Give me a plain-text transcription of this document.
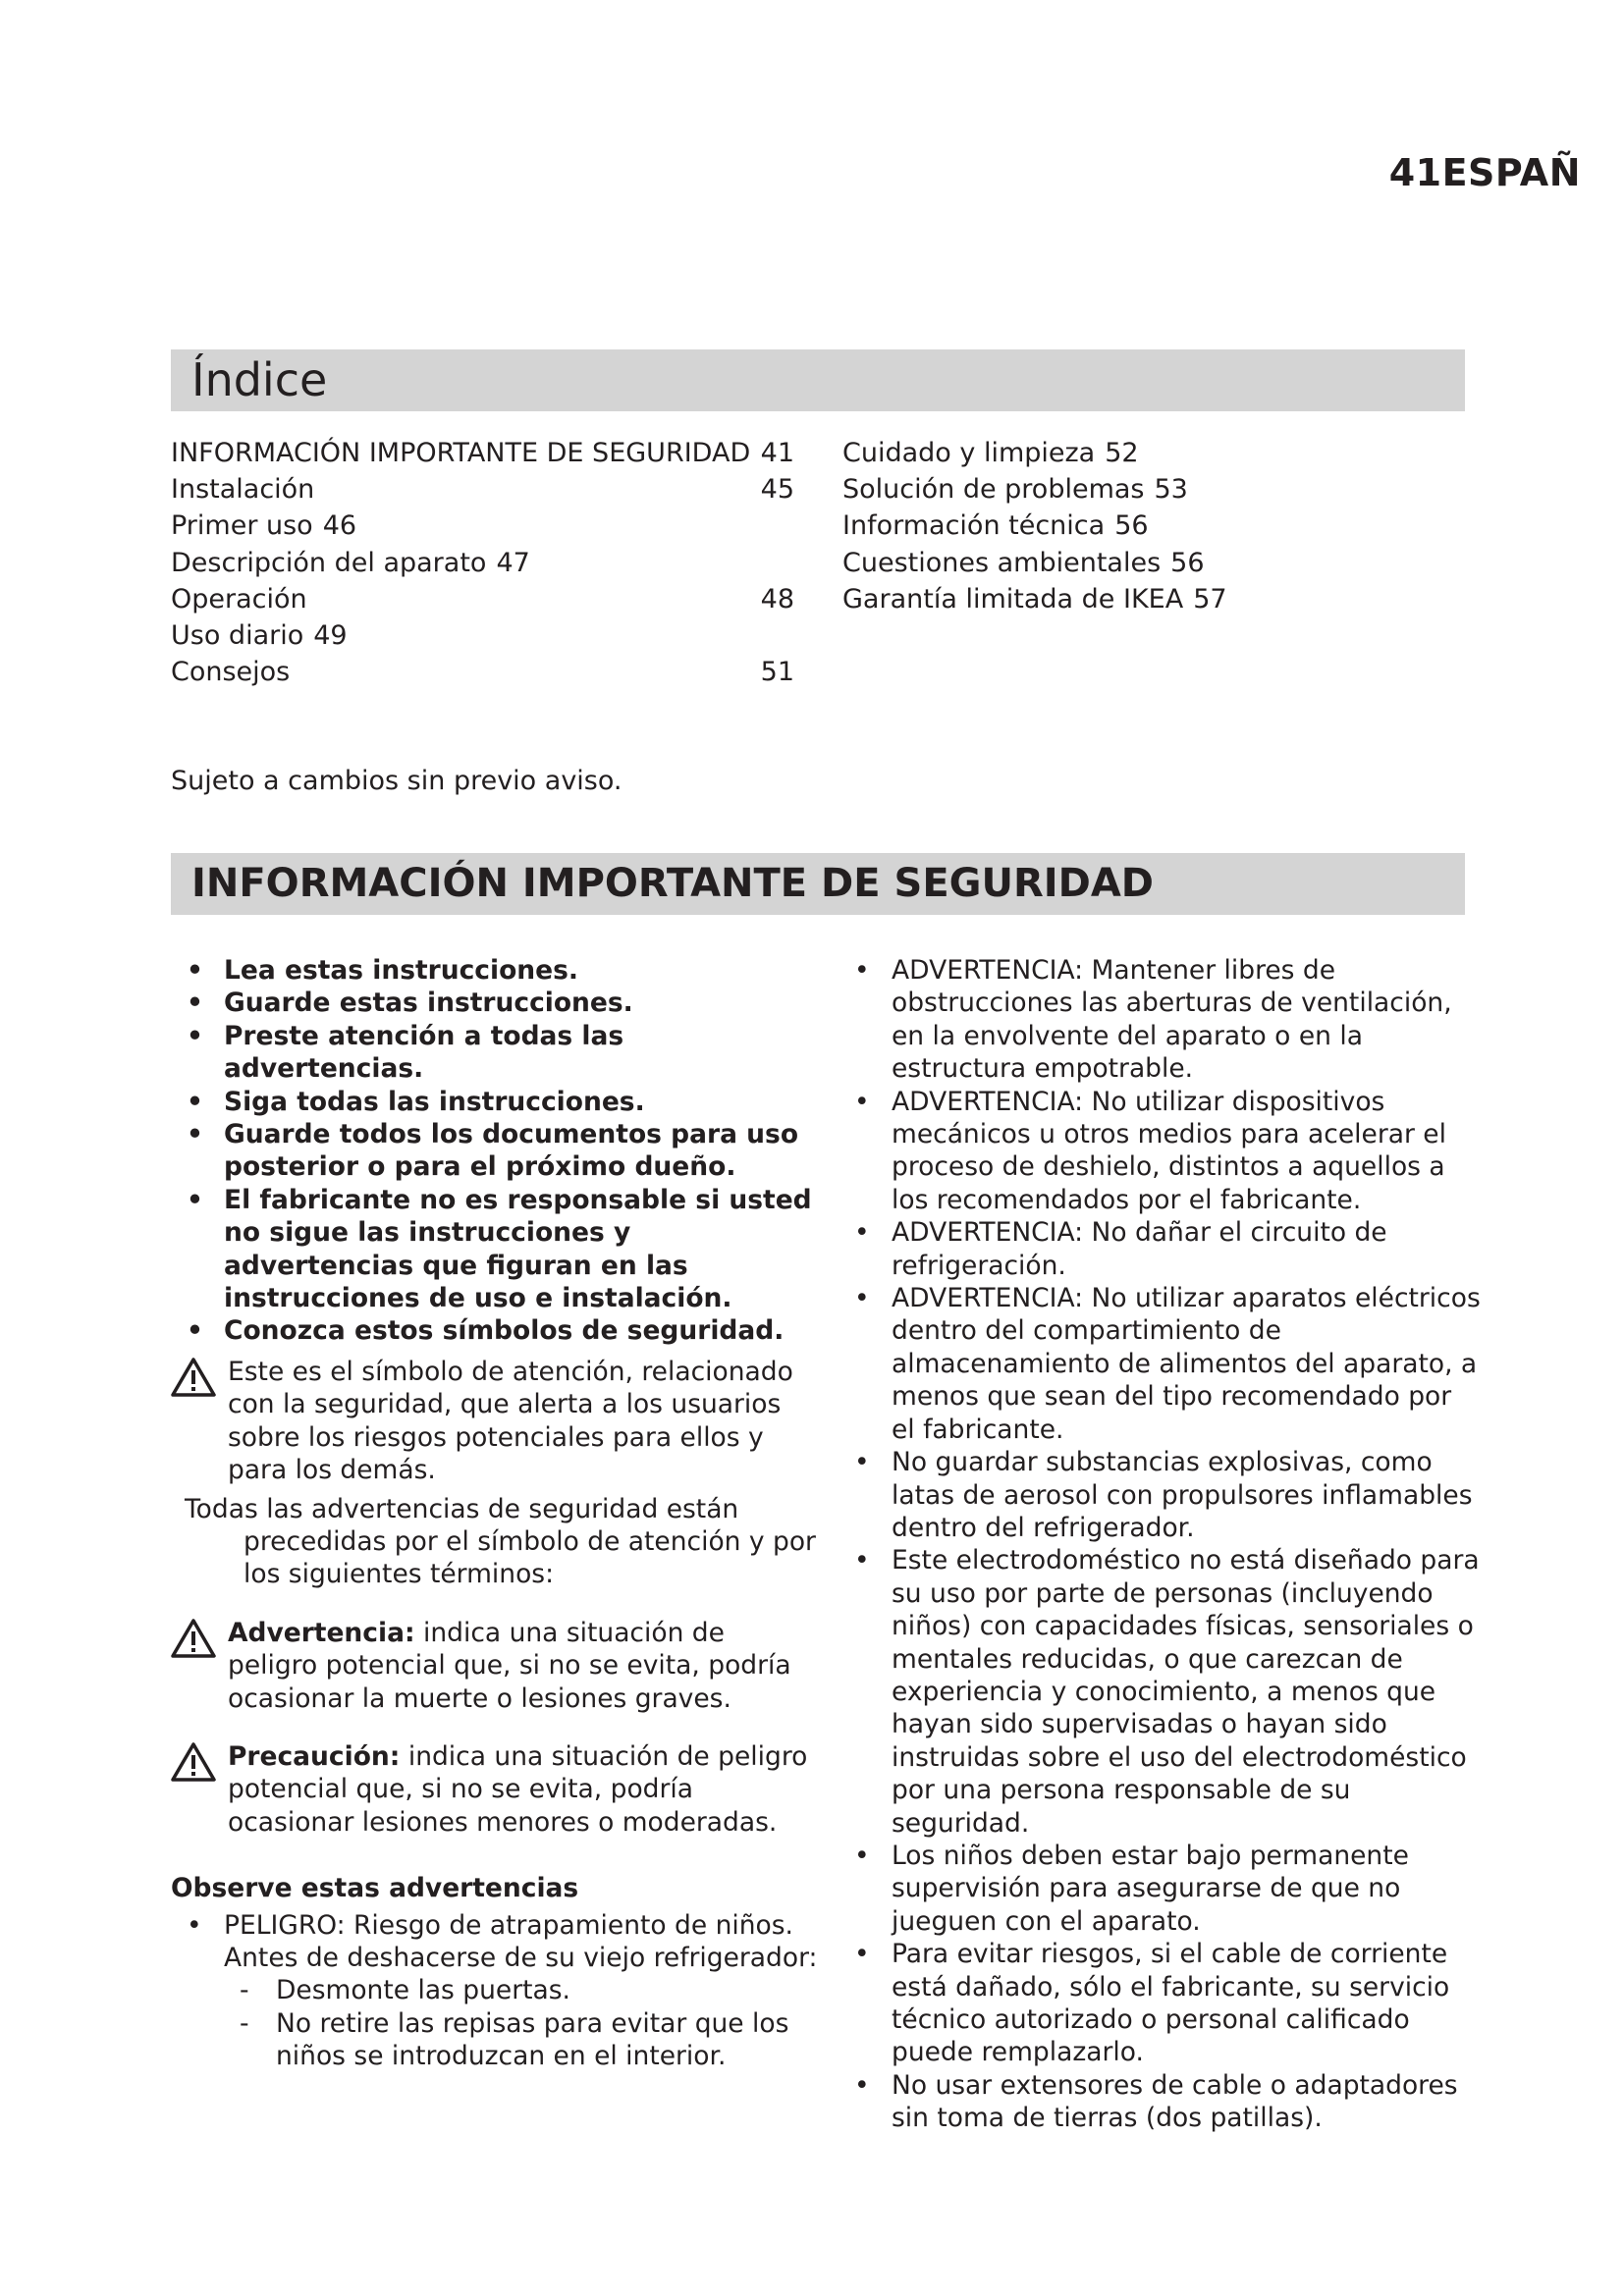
41ESPAÑ
Índice
INFORMACIÓN IMPORTANTE DE SEGURIDAD 41
Instalación	45
Primer uso 46
Descripción del aparato 47
Operación	48
Uso diario 49
Consejos	51
Cuidado y limpieza 52
Solución de problemas 53
Información técnica 56
Cuestiones ambientales 56
Garantía limitada de IKEA 57
Sujeto a cambios sin previo aviso.
INFORMACIÓN IMPORTANTE DE SEGURIDAD
• Lea estas instrucciones.
• Guarde estas instrucciones.
• Preste atención a todas las advertencias.
• Siga todas las instrucciones.
• Guarde todos los documentos para uso posterior o para el próximo dueño.
• El fabricante no es responsable si usted no sigue las instrucciones y advertencias que figuran en las instrucciones de uso e instalación.
• Conozca estos símbolos de seguridad.
Este es el símbolo de atención, relacionado con la seguridad, que alerta a los usuarios sobre los riesgos potenciales para ellos y para los demás.
Todas las advertencias de seguridad están precedidas por el símbolo de atención y por los siguientes términos:
Advertencia: indica una situación de peligro potencial que, si no se evita, podría ocasionar la muerte o lesiones graves.
Precaución: indica una situación de peligro potencial que, si no se evita, podría ocasionar lesiones menores o moderadas.
Observe estas advertencias
• PELIGRO: Riesgo de atrapamiento de niños. Antes de deshacerse de su viejo refrigerador:
- Desmonte las puertas.
- No retire las repisas para evitar que los niños se introduzcan en el interior.
• ADVERTENCIA: Mantener libres de obstrucciones las aberturas de ventilación, en la envolvente del aparato o en la estructura empotrable.
• ADVERTENCIA: No utilizar dispositivos mecánicos u otros medios para acelerar el proceso de deshielo, distintos a aquellos a los recomendados por el fabricante.
• ADVERTENCIA: No dañar el circuito de refrigeración.
• ADVERTENCIA: No utilizar aparatos eléctricos dentro del compartimiento de almacenamiento de alimentos del aparato, a menos que sean del tipo recomendado por el fabricante.
• No guardar substancias explosivas, como latas de aerosol con propulsores inflamables dentro del refrigerador.
• Este electrodoméstico no está diseñado para su uso por parte de personas (incluyendo niños) con capacidades físicas, sensoriales o mentales reducidas, o que carezcan de experiencia y conocimiento, a menos que hayan sido supervisadas o hayan sido instruidas sobre el uso del electrodoméstico por una persona responsable de su seguridad.
• Los niños deben estar bajo permanente supervisión para asegurarse de que no jueguen con el aparato.
• Para evitar riesgos, si el cable de corriente está dañado, sólo el fabricante, su servicio técnico autorizado o personal calificado puede remplazarlo.
• No usar extensores de cable o adaptadores sin toma de tierras (dos patillas).
